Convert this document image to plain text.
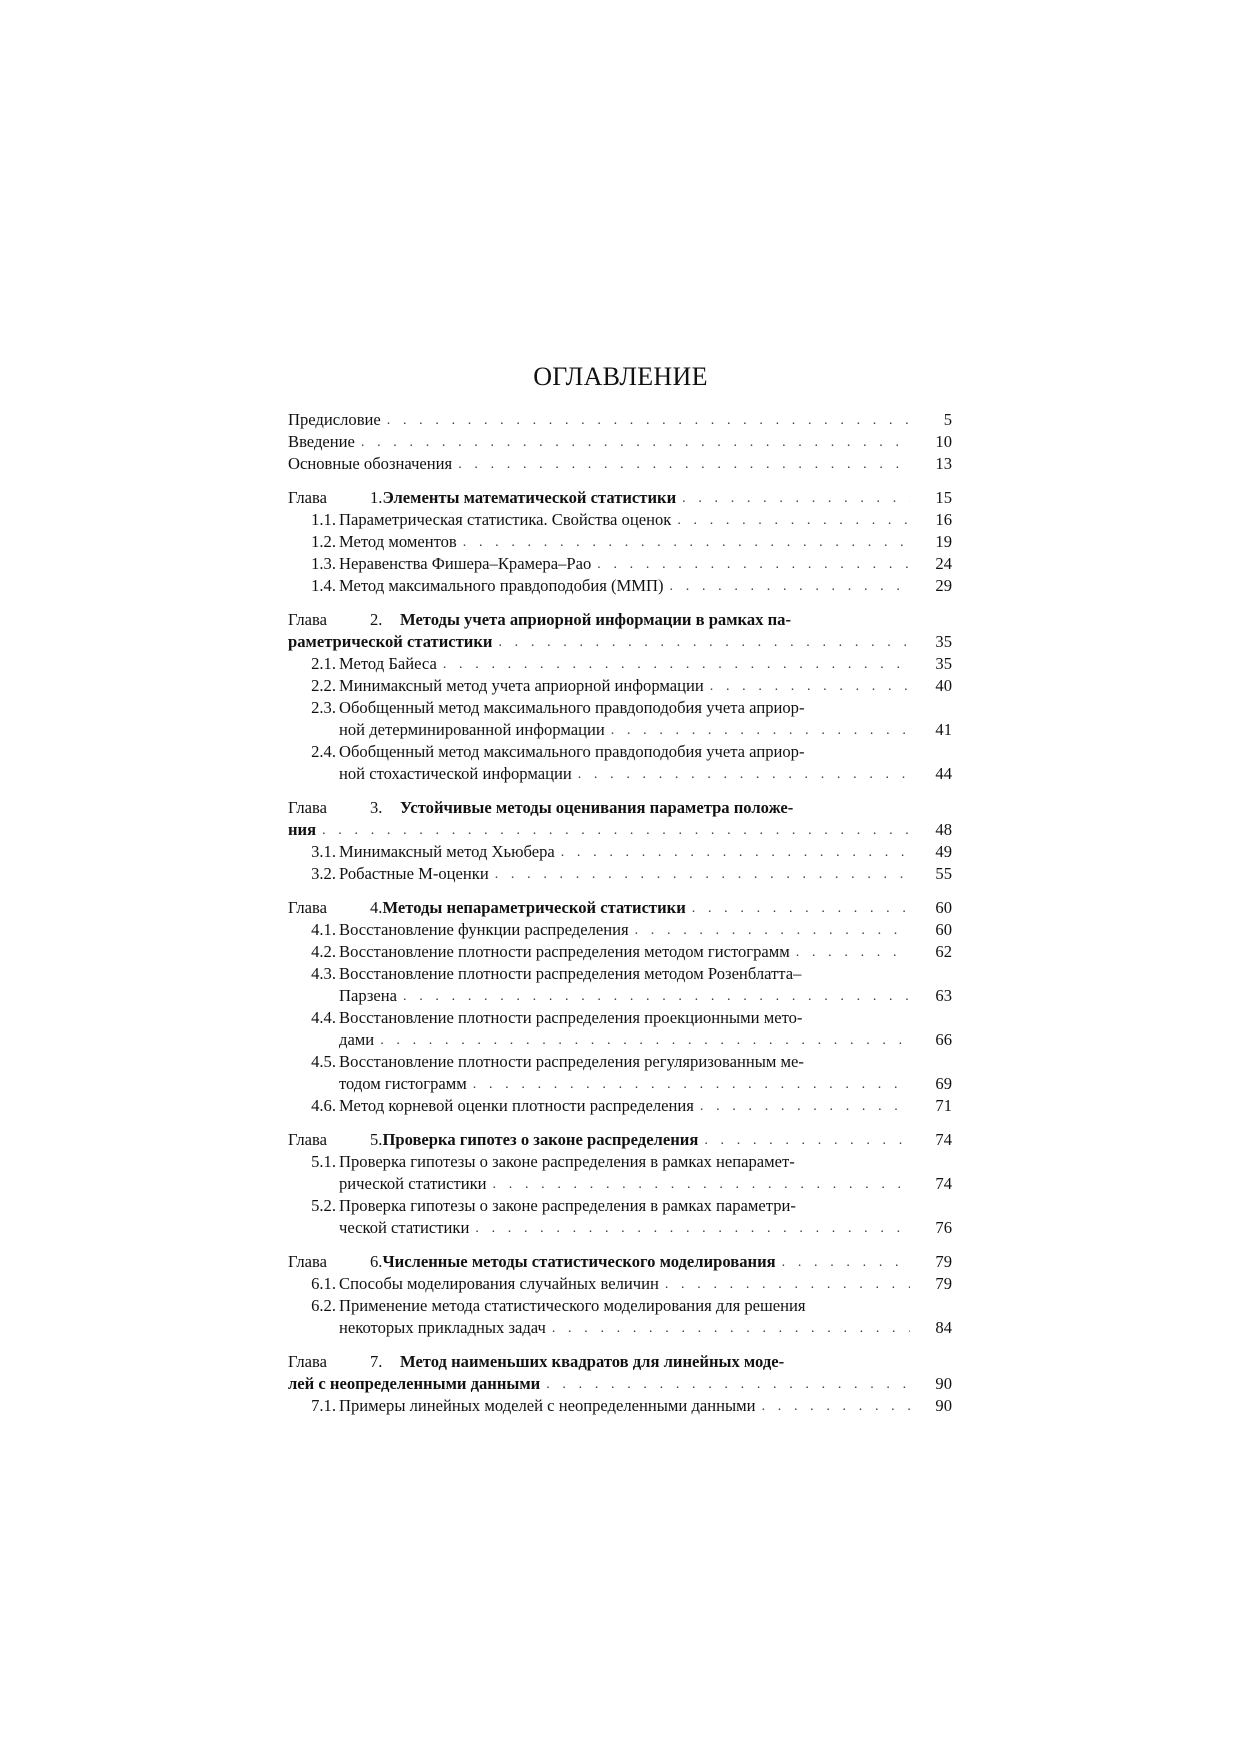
ОГЛАВЛЕНИЕ
Предисловие . . .	5
Введение . . .	10
Основные обозначения . . .	13
Глава	1. Элементы математической статистики . . .	15
1.1. Параметрическая статистика. Свойства оценок . . .	16
1.2. Метод моментов . . .	19
1.3. Неравенства Фишера–Крамера–Рао . . .	24
1.4. Метод максимального правдоподобия (ММП) . . .	29
Глава	2.	Методы учета априорной информации в рамках па-
раметрической статистики . . .	35
2.1. Метод Байеса . . .	35
2.2. Минимаксный метод учета априорной информации . . .	40
2.3. Обобщенный метод максимального правдоподобия учета априор-
ной детерминированной информации . . .	41
2.4. Обобщенный метод максимального правдоподобия учета априор-
ной стохастической информации . . .	44
Глава	3.	Устойчивые методы оценивания параметра положе-
ния . . .	48
3.1. Минимаксный метод Хьюбера . . .	49
3.2. Робастные М-оценки . . .	55
Глава	4. Методы непараметрической статистики . . .	60
4.1. Восстановление функции распределения . . .	60
4.2. Восстановление плотности распределения методом гистограмм . . .	62
4.3. Восстановление плотности распределения методом Розенблатта–
Парзена . . .	63
4.4. Восстановление плотности распределения проекционными мето-
дами . . .	66
4.5. Восстановление плотности распределения регуляризованным ме-
тодом гистограмм . . .	69
4.6. Метод корневой оценки плотности распределения . . .	71
Глава	5. Проверка гипотез о законе распределения . . .	74
5.1. Проверка гипотезы о законе распределения в рамках непарамет-
рической статистики . . .	74
5.2. Проверка гипотезы о законе распределения в рамках параметри-
ческой статистики . . .	76
Глава	6. Численные методы статистического моделирования . . .	79
6.1. Способы моделирования случайных величин . . .	79
6.2. Применение метода статистического моделирования для решения
некоторых прикладных задач . . .	84
Глава	7.	Метод наименьших квадратов для линейных моде-
лей с неопределенными данными . . .	90
7.1. Примеры линейных моделей с неопределенными данными . . .	90
